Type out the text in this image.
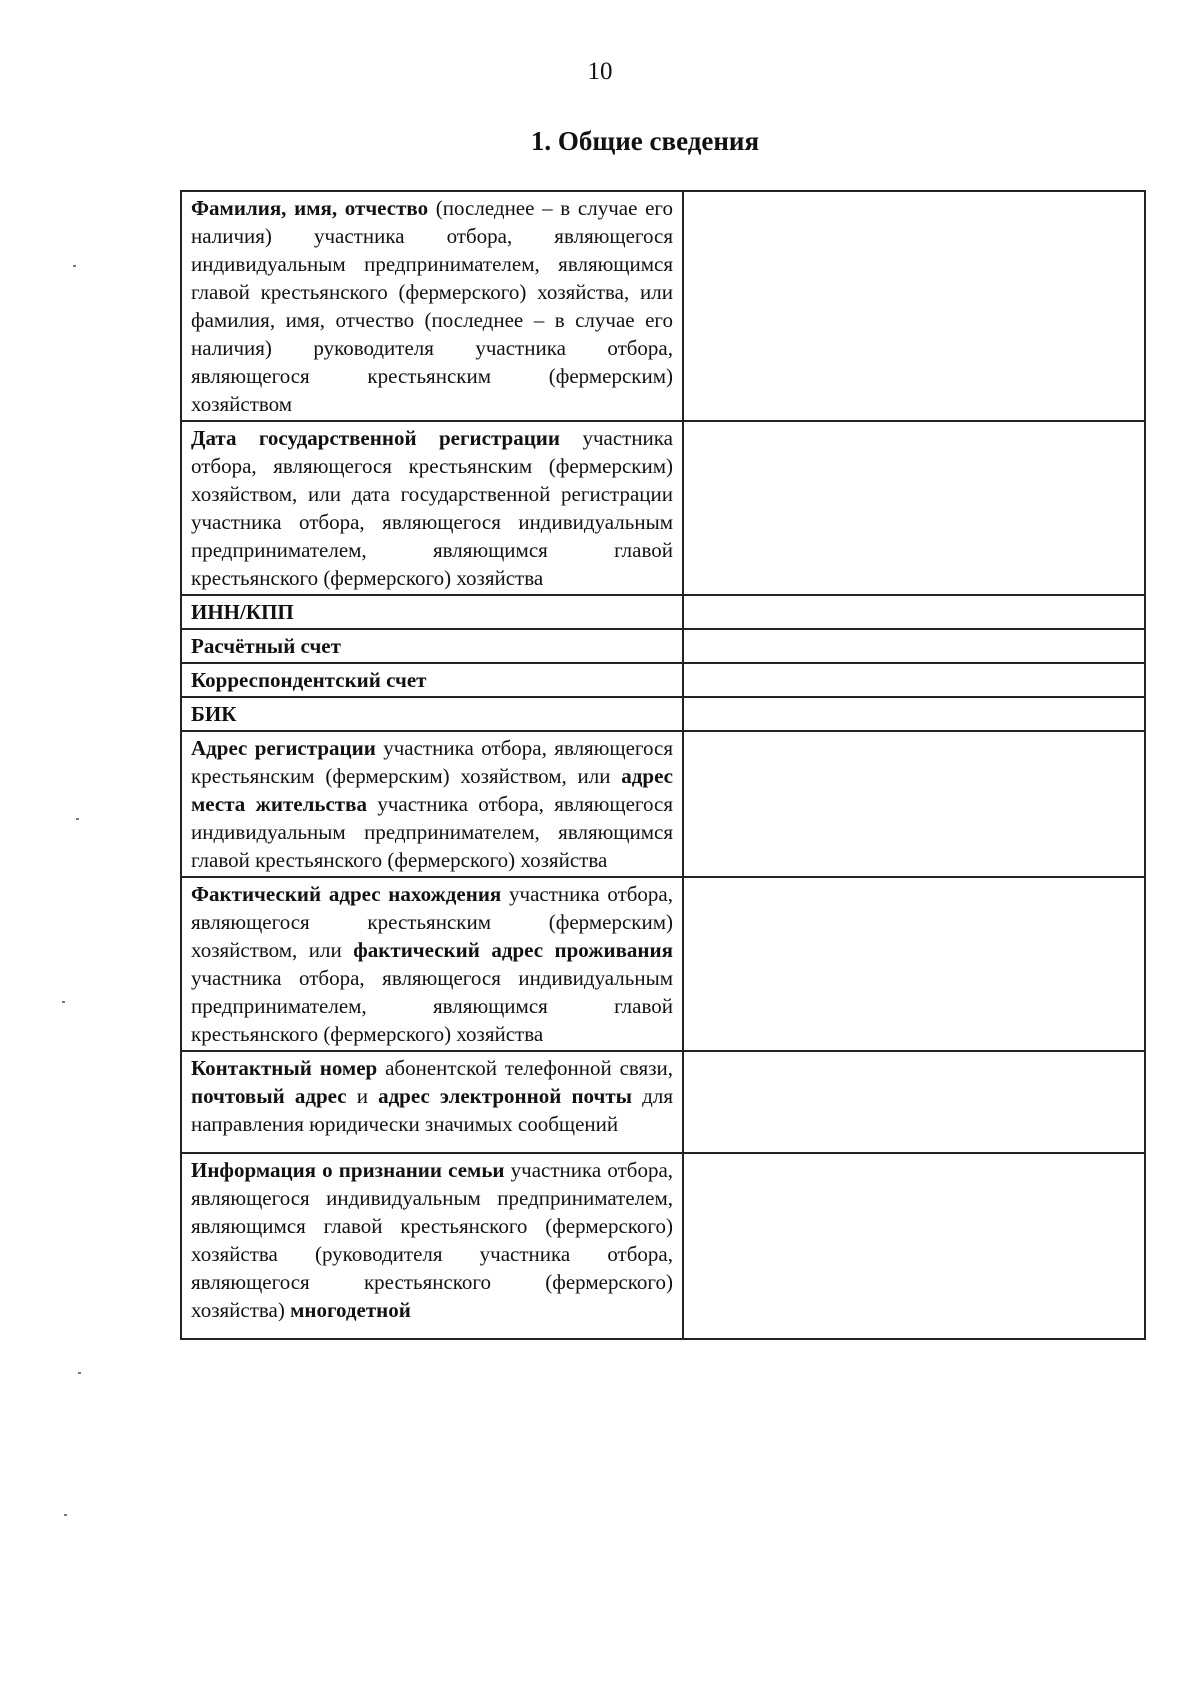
10
1. Общие сведения
Фамилия, имя, отчество (последнее – в случае его наличия) участника отбора, являющегося индивидуальным предпринимателем, являющимся главой крестьянского (фермерского) хозяйства, или фамилия, имя, отчество (последнее – в случае его наличия) руководителя участника отбора, являющегося крестьянским (фермерским) хозяйством	
Дата государственной регистрации участника отбора, являющегося крестьянским (фермерским) хозяйством, или дата государственной регистрации участника отбора, являющегося индивидуальным предпринимателем, являющимся главой крестьянского (фермерского) хозяйства	
ИНН/КПП	
Расчётный счет	
Корреспондентский счет	
БИК	
Адрес регистрации участника отбора, являющегося крестьянским (фермерским) хозяйством, или адрес места жительства участника отбора, являющегося индивидуальным предпринимателем, являющимся главой крестьянского (фермерского) хозяйства	
Фактический адрес нахождения участника отбора, являющегося крестьянским (фермерским) хозяйством, или фактический адрес проживания участника отбора, являющегося индивидуальным предпринимателем, являющимся главой крестьянского (фермерского) хозяйства	
Контактный номер абонентской телефонной связи, почтовый адрес и адрес электронной почты для направления юридически значимых сообщений	
Информация о признании семьи участника отбора, являющегося индивидуальным предпринимателем, являющимся главой крестьянского (фермерского) хозяйства (руководителя участника отбора, являющегося крестьянского (фермерского) хозяйства) многодетной	
